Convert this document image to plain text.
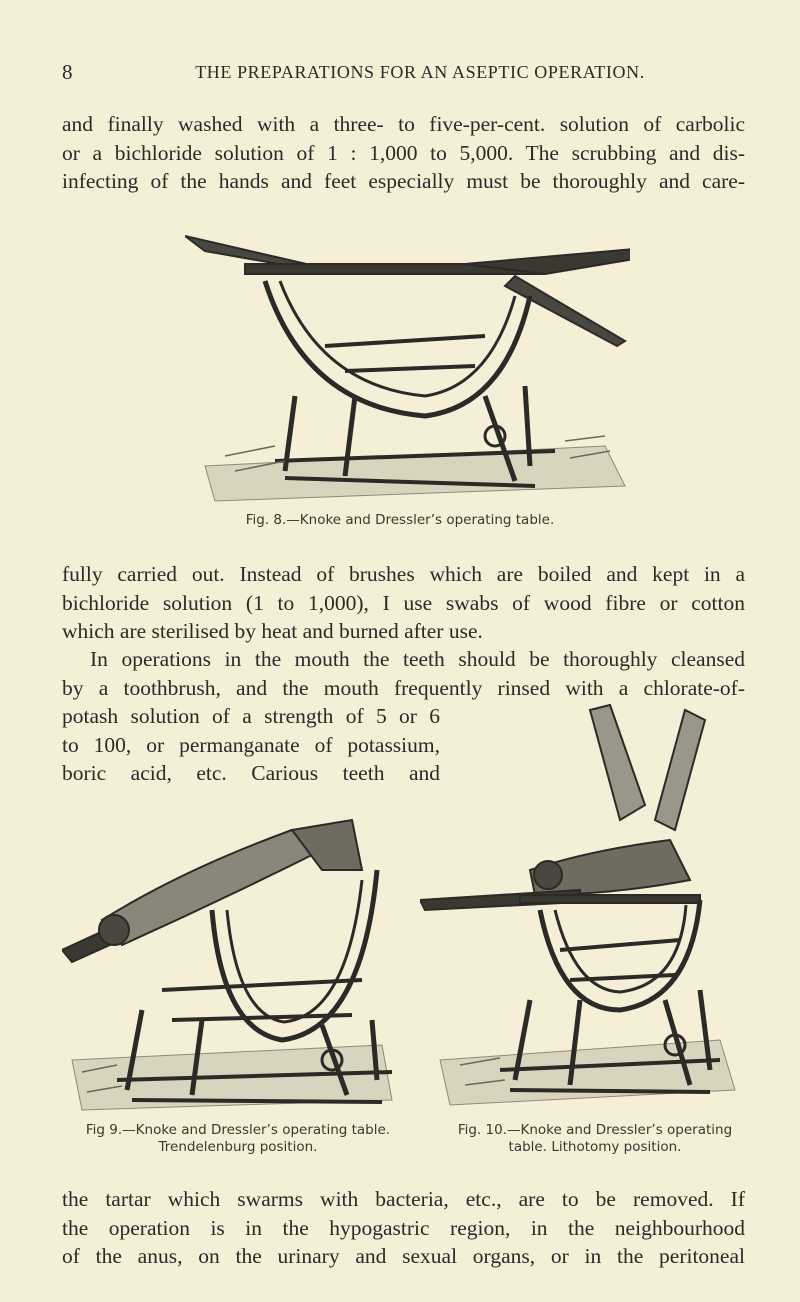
8	THE PREPARATIONS FOR AN ASEPTIC OPERATION.

and finally washed with a three- to five-per-cent. solution of carbolic
or a bichloride solution of 1 : 1,000 to 5,000. The scrubbing and dis-
infecting of the hands and feet especially must be thoroughly and care-

Fig. 8.—Knoke and Dressler’s operating table.

fully carried out. Instead of brushes which are boiled and kept in a
bichloride solution (1 to 1,000), I use swabs of wood fibre or cotton
which are sterilised by heat and burned after use.

In operations in the mouth the teeth should be thoroughly cleansed
by a toothbrush, and the mouth frequently rinsed with a chlorate-of-

potash solution of a strength of 5 or 6
to 100, or permanganate of potassium,
boric acid, etc. Carious teeth and

Fig 9.—Knoke and Dressler’s operating table.
Trendelenburg position.
Fig. 10.—Knoke and Dressler’s operating
table. Lithotomy position.

the tartar which swarms with bacteria, etc., are to be removed. If
the operation is in the hypogastric region, in the neighbourhood
of the anus, on the urinary and sexual organs, or in the peritoneal
